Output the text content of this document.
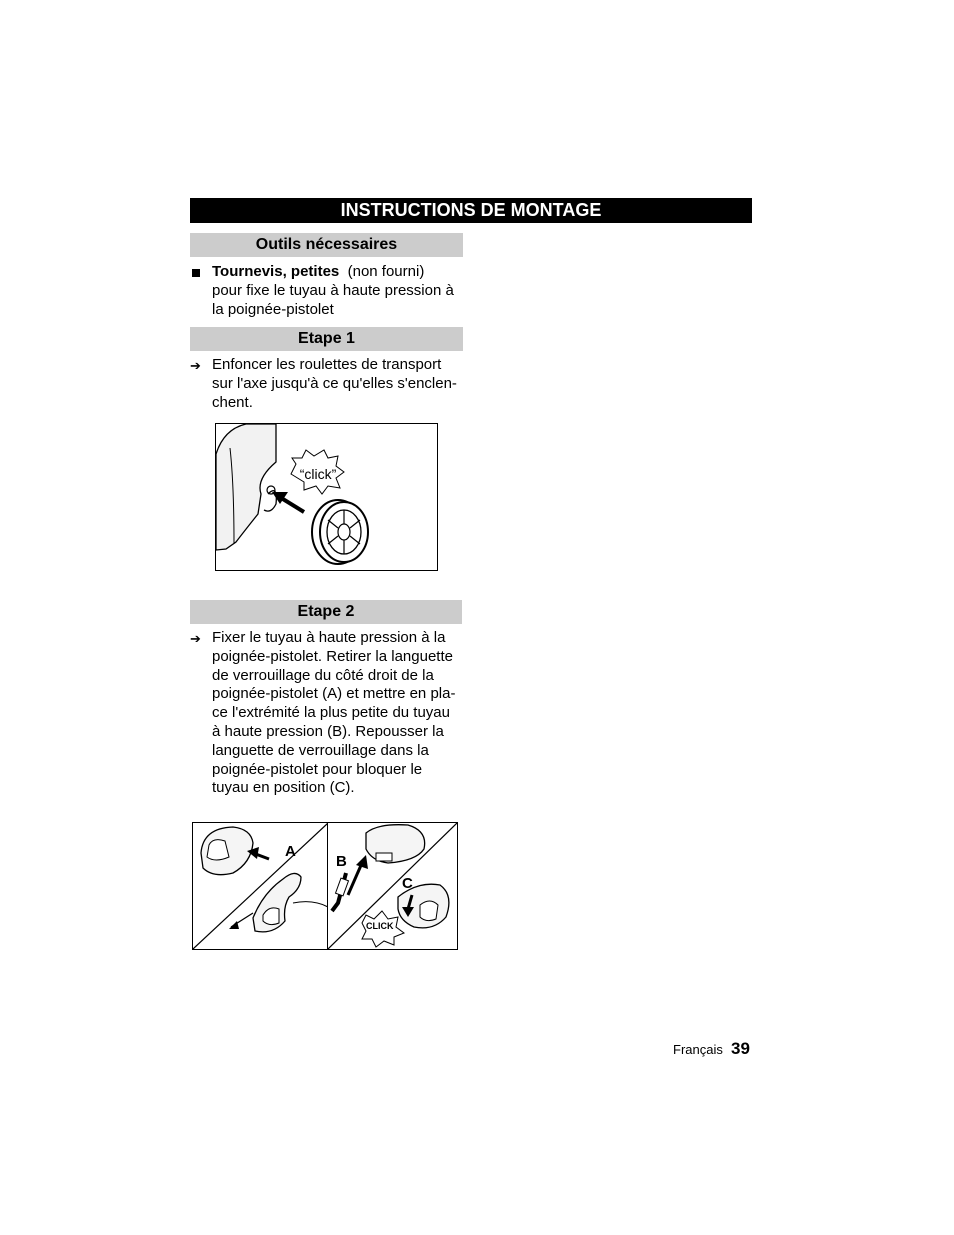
INSTRUCTIONS DE MONTAGE
Outils nécessaires
Tournevis, petites (non fourni)
pour fixe le tuyau à haute pression à
la poignée-pistolet
Etape 1
➔ Enfoncer les roulettes de transport
sur l'axe jusqu'à ce qu'elles s'enclen-
chent.
“click”
Etape 2
➔ Fixer le tuyau à haute pression à la
poignée-pistolet. Retirer la languette
de verrouillage du côté droit de la
poignée-pistolet (A) et mettre en pla-
ce l'extrémité la plus petite du tuyau
à haute pression (B). Repousser la
languette de verrouillage dans la
poignée-pistolet pour bloquer le
tuyau en position (C).
A
B
C
CLICK
Français 39
